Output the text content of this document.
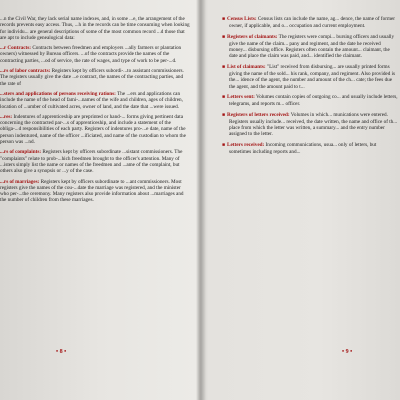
...n the Civil War, they lack serial name indexes, and, in some ...e, the arrangement of the records prevents easy access. Thus, ...h in the records can be time consuming when looking for individu... are general descriptions of some of the most common record ...d those that are apt to include genealogical data:

...r Contracts: Contracts between freedmen and employers ...ally farmers or plantation owners) witnessed by Bureau officers. ...of the contracts provide the names of the contracting parties, ...od of service, the rate of wages, and type of work to be per-...d.

...rs of labor contracts: Registers kept by officers subordi-...to assistant commissioners. The registers usually give the date ...e contract, the names of the contracting parties, and the rate of

...sters and applications of persons receiving rations: The ...ers and applications can include the name of the head of fami-...names of the wife and children, ages of children, location of ...umber of cultivated acres, owner of land, and the date that ...were issued.

...res: Indentures of apprenticeship are preprinted or hand-... forms giving pertinent data concerning the contracted par-...s of apprenticeship, and include a statement of the obliga-...d responsibilities of each party. Registers of indentures pro-...e date, name of the person indentured, name of the officer ...ificiated, and name of the custodian to whom the person was ...nd.

...rs of complaints: Registers kept by officers subordinate ...sistant commissioners. The "complaints" relate to prob-...hich freedmen brought to the officer's attention. Many of ...isters simply list the name or names of the freedmen and ...ame of the complaint, but others also give a synopsis or ...y of the case.

...rs of marriages: Registers kept by officers subordinate to ...ant commissioners. Most registers give the names of the cou-...date the marriage was registered, and the minister who per-...the ceremony. Many registers also provide information about ...marriages and the number of children from these marriages.

■ Census Lists: Census lists can include the name, ag... dence, the name of former owner, if applicable, and o... occupation and current employment.

■ Registers of claimants: The registers were compi... bursing officers and usually give the name of the claim... pany and regiment, and the date he received money... disbursing office. Registers often contain the amount... claimant, the date and place the claim was paid, and... identified the claimant.

■ List of claimants: "List" received from disbursing... are usually printed forms giving the name of the sold... his rank, company, and regiment. Also provided is the... idence of the agent, the number and amount of the ch... cate; the fees due the agent, and the amount paid to t...

■ Letters sent: Volumes contain copies of outgoing co... and usually include letters, telegrams, and reports m... officer.

■ Registers of letters received: Volumes in which... munications were entered. Registers usually include... received, the date written, the name and office of th... place from which the letter was written, a summary... and the entry number assigned to the letter.

■ Letters received: Incoming communications, usua... only of letters, but sometimes including reports and...

• 8 •	• 9 •
